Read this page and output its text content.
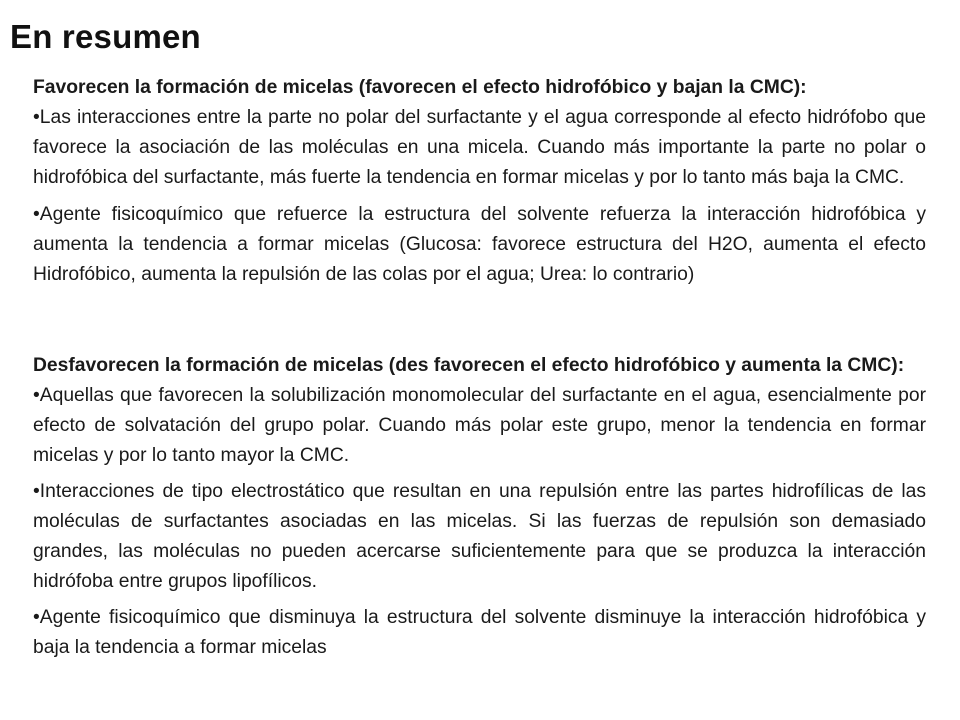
En resumen

Favorecen la formación de micelas (favorecen el efecto hidrofóbico y bajan la CMC):

•Las interacciones entre la parte no polar del surfactante y el agua corresponde al efecto hidrófobo que favorece la asociación de las moléculas en una micela. Cuando más importante la parte no polar o hidrofóbica del surfactante, más fuerte la tendencia en formar micelas y por lo tanto más baja la CMC.

•Agente fisicoquímico que refuerce la estructura del solvente refuerza la interacción hidrofóbica y aumenta la tendencia a formar micelas (Glucosa: favorece estructura del H2O, aumenta el efecto Hidrofóbico, aumenta la repulsión de las colas por el agua; Urea: lo contrario)

Desfavorecen la formación de micelas (des favorecen el efecto hidrofóbico y aumenta la CMC):

•Aquellas que favorecen la solubilización monomolecular del surfactante en el agua, esencialmente por efecto de solvatación del grupo polar. Cuando más polar este grupo, menor la tendencia en formar micelas y por lo tanto mayor la CMC.

•Interacciones de tipo electrostático que resultan en una repulsión entre las partes hidrofílicas de las moléculas de surfactantes asociadas en las micelas. Si las fuerzas de repulsión son demasiado grandes, las moléculas no pueden acercarse suficientemente para que se produzca la interacción hidrófoba entre grupos lipofílicos.

•Agente fisicoquímico que disminuya la estructura del solvente disminuye la interacción hidrofóbica y baja la tendencia a formar micelas
